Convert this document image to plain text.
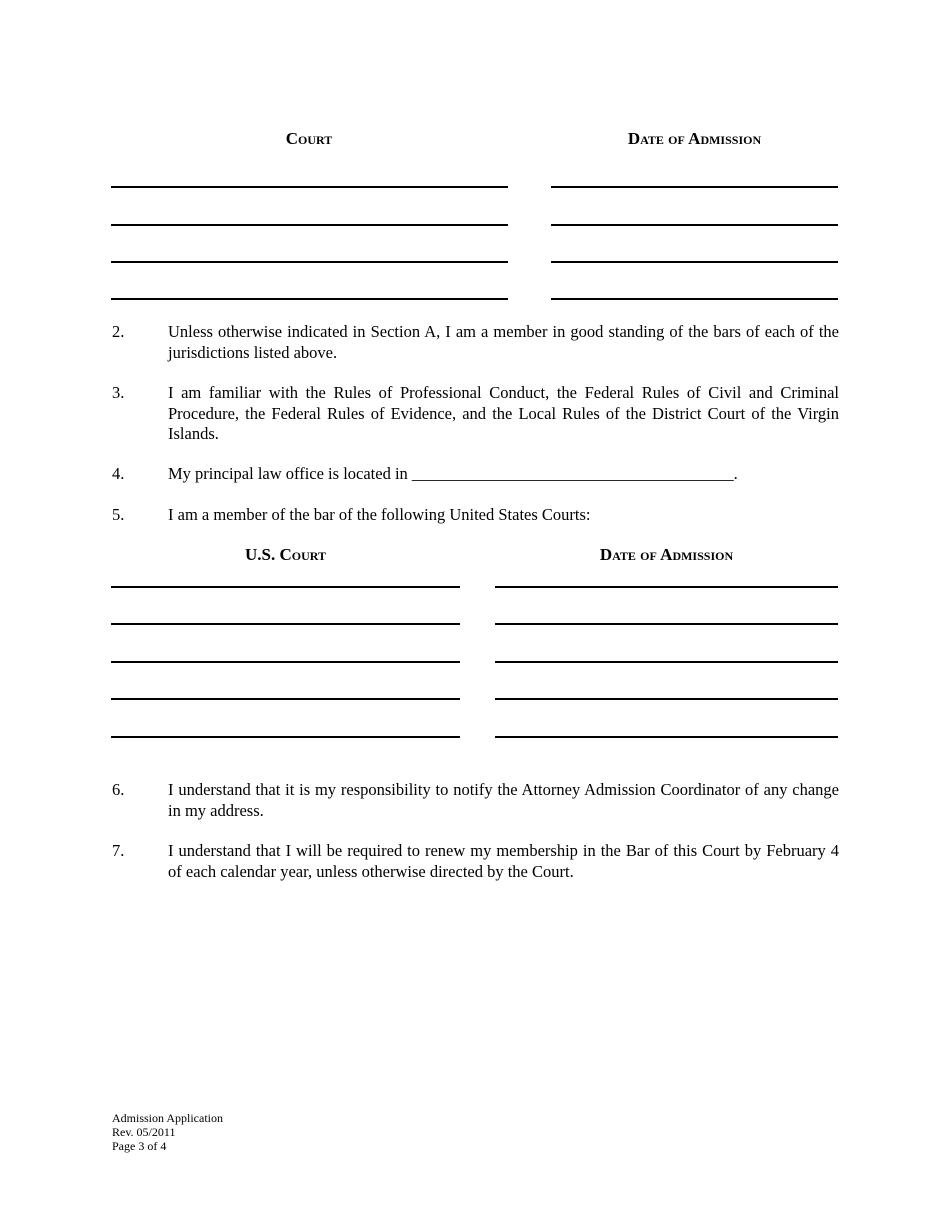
Court	Date of Admission
2.	Unless otherwise indicated in Section A, I am a member in good standing of the bars of each of the jurisdictions listed above.
3.	I am familiar with the Rules of Professional Conduct, the Federal Rules of Civil and Criminal Procedure, the Federal Rules of Evidence, and the Local Rules of the District Court of the Virgin Islands.
4.	My principal law office is located in _______________________________________.
5.	I am a member of the bar of the following United States Courts:
U.S. Court	Date of Admission
6.	I understand that it is my responsibility to notify the Attorney Admission Coordinator of any change in my address.
7.	I understand that I will be required to renew my membership in the Bar of this Court by February 4 of each calendar year, unless otherwise directed by the Court.
Admission Application
Rev. 05/2011
Page 3 of 4
